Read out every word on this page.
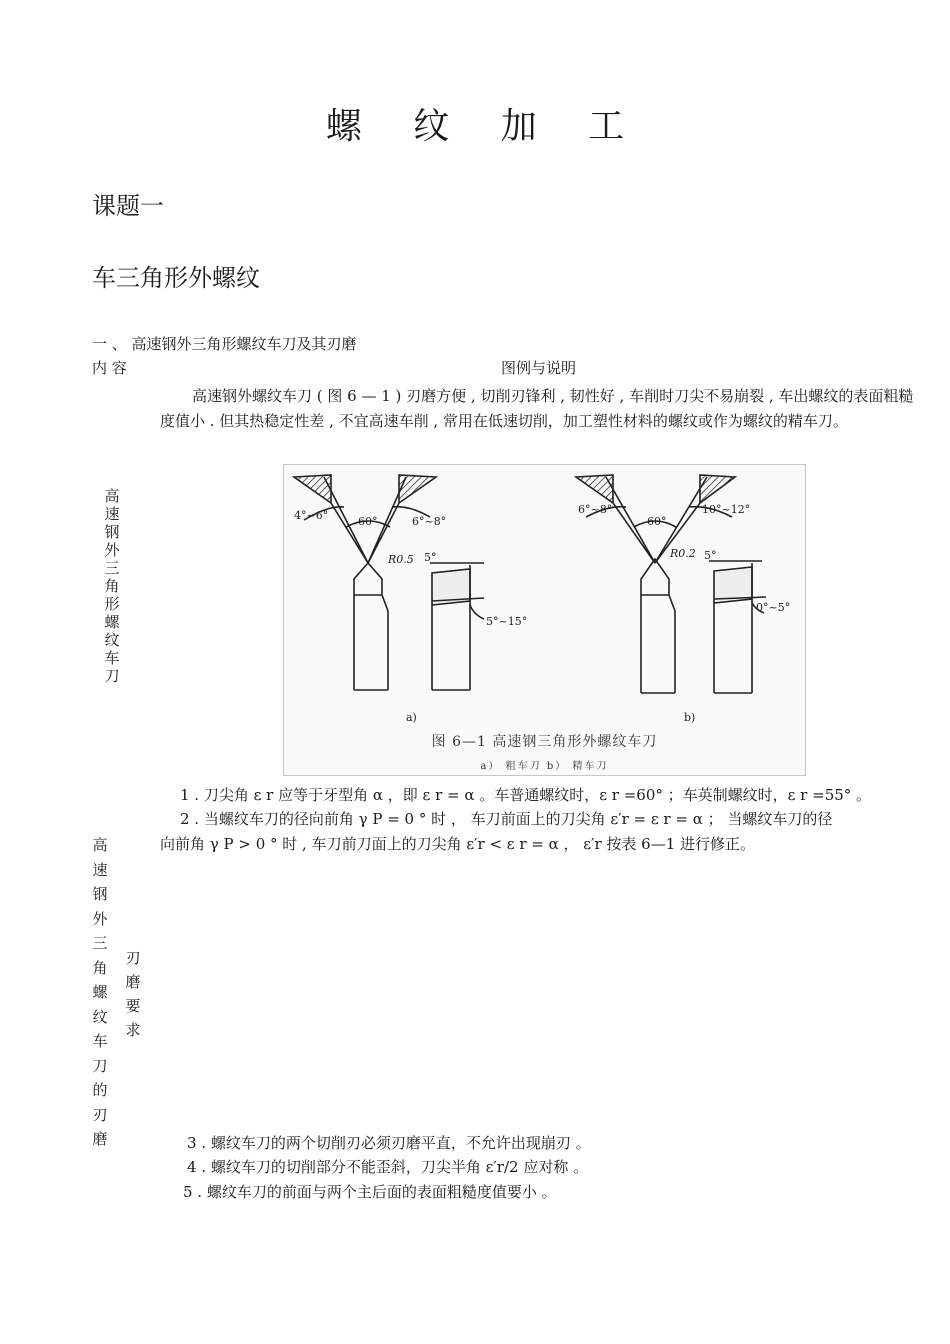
螺 纹 加 工
课题一
车三角形外螺纹
一 、 高速钢外三角形螺纹车刀及其刃磨
内 容	图例与说明
高速钢外螺纹车刀 ( 图 6 — 1 ) 刃磨方便 , 切削刃锋利 , 韧性好 , 车削时刀尖不易崩裂 , 车出螺纹的表面粗糙度值小 . 但其热稳定性差 , 不宜高速车削 , 常用在低速切削，加工塑性材料的螺纹或作为螺纹的精车刀。
高速钢外三角形螺纹车刀
4°~6°	60°	6°~8°
R0.5 5°
5°~15°
a)
6°~8°
60°
10°~12°
R0.2 5°
0°~5°
b)
图 6—1 高速钢三角形外螺纹车刀
a） 粗车刀 b） 精车刀
1 . 刀尖角 ε r 应等于牙型角 α ，即 ε r = α 。车普通螺纹时，ε r =60° ；车英制螺纹时，ε r =55° 。
2 . 当螺纹车刀的径向前角 γ P = 0 ° 时 ， 车刀前面上的刀尖角 ε′r = ε r = α ； 当螺纹车刀的径
向前角 γ P > 0 ° 时 , 车刀前刀面上的刀尖角 ε′r < ε r = α ， ε′r 按表 6—1 进行修正。
高速钢外三角螺纹车刀的刃磨
刃磨要求
3 . 螺纹车刀的两个切削刃必须刃磨平直，不允许出现崩刃 。
4 . 螺纹车刀的切削部分不能歪斜，刀尖半角 ε′r/2 应对称 。
5 . 螺纹车刀的前面与两个主后面的表面粗糙度值要小 。
